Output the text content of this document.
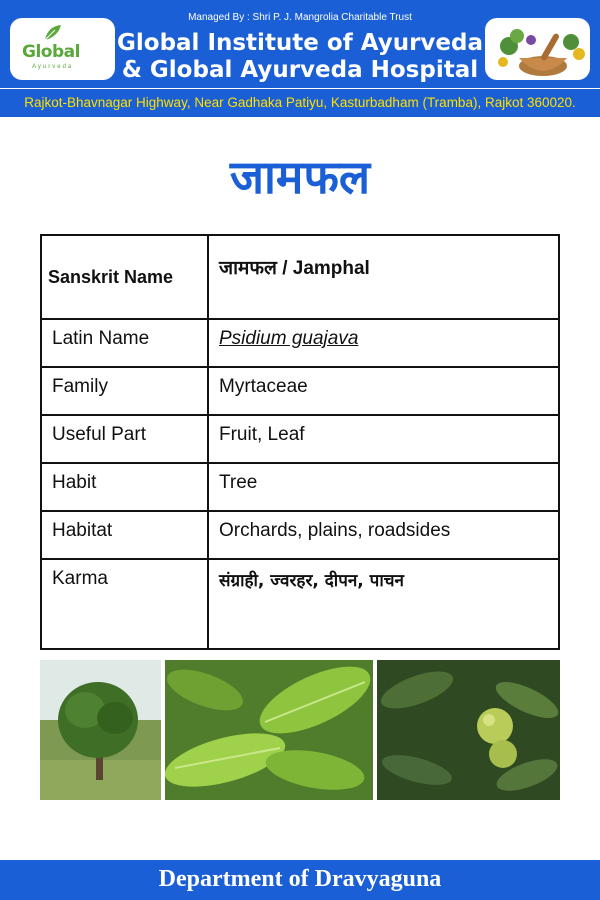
Global
Ayurveda
Managed By : Shri P. J. Mangrolia Charitable Trust
Global Institute of Ayurveda
& Global Ayurveda Hospital
Rajkot-Bhavnagar Highway, Near Gadhaka Patiyu, Kasturbadham (Tramba), Rajkot 360020.
जामफल
Sanskrit Name	जामफल / Jamphal
Latin Name	Psidium guajava
Family	Myrtaceae
Useful Part	Fruit, Leaf
Habit	Tree
Habitat	Orchards, plains, roadsides
Karma	संग्राही, ज्वरहर, दीपन, पाचन
Department of Dravyaguna
